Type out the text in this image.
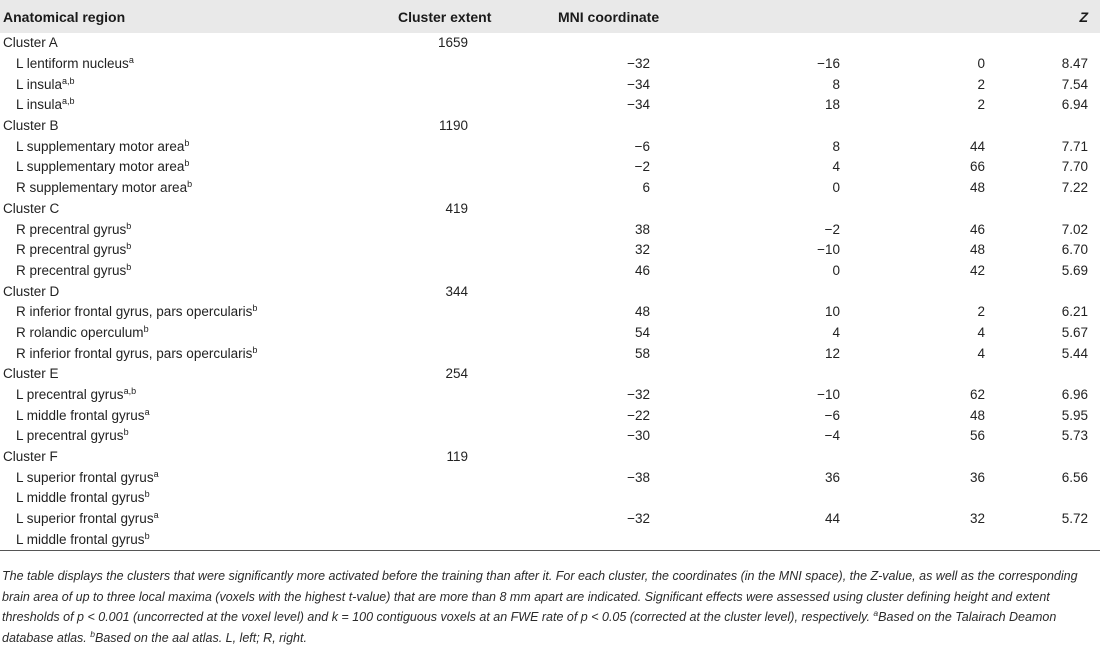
Anatomical region	Cluster extent	MNI coordinate			Z
Cluster A	1659				
L lentiform nucleus$^a$		−32	−16	0	8.47
L insula$^{a,b}$		−34	8	2	7.54
L insula$^{a,b}$		−34	18	2	6.94
Cluster B	1190				
L supplementary motor area$^b$		−6	8	44	7.71
L supplementary motor area$^b$		−2	4	66	7.70
R supplementary motor area$^b$		6	0	48	7.22
Cluster C	419				
R precentral gyrus$^b$		38	−2	46	7.02
R precentral gyrus$^b$		32	−10	48	6.70
R precentral gyrus$^b$		46	0	42	5.69
Cluster D	344				
R inferior frontal gyrus, pars opercularis$^b$		48	10	2	6.21
R rolandic operculum$^b$		54	4	4	5.67
R inferior frontal gyrus, pars opercularis$^b$		58	12	4	5.44
Cluster E	254				
L precentral gyrus$^{a,b}$		−32	−10	62	6.96
L middle frontal gyrus$^a$		−22	−6	48	5.95
L precentral gyrus$^b$		−30	−4	56	5.73
Cluster F	119				
L superior frontal gyrus$^a$		−38	36	36	6.56
L middle frontal gyrus$^b$					
L superior frontal gyrus$^a$		−32	44	32	5.72
L middle frontal gyrus$^b$					
The table displays the clusters that were significantly more activated before the training than after it. For each cluster, the coordinates (in the MNI space), the Z-value, as well as the corresponding brain area of up to three local maxima (voxels with the highest t-value) that are more than 8 mm apart are indicated. Significant effects were assessed using cluster defining height and extent thresholds of p < 0.001 (uncorrected at the voxel level) and k = 100 contiguous voxels at an FWE rate of p < 0.05 (corrected at the cluster level), respectively. $^a$Based on the Talairach Deamon database atlas. $^b$Based on the aal atlas. L, left; R, right.
